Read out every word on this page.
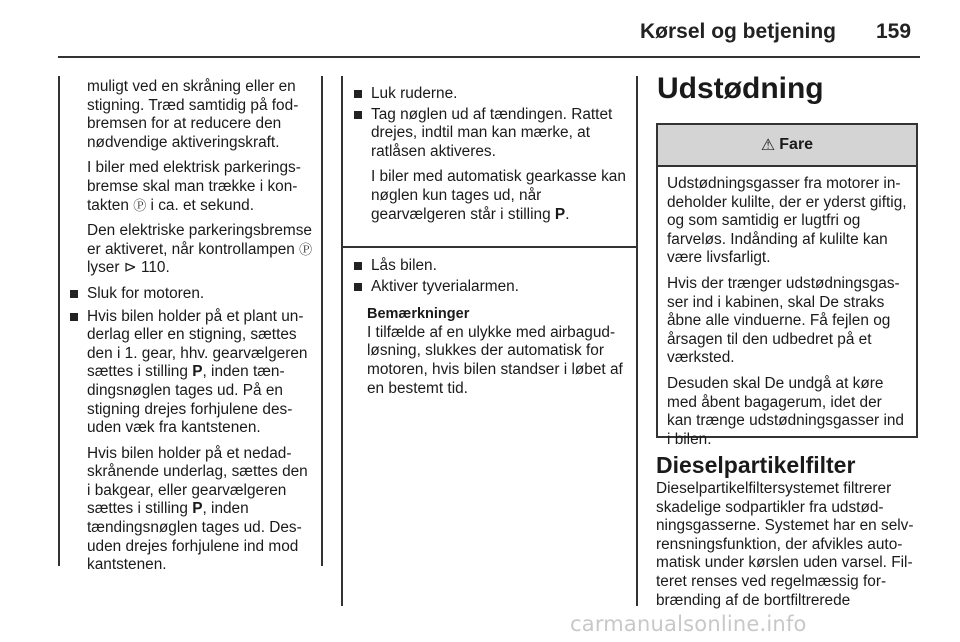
Kørsel og betjening 159

muligt ved en skråning eller en stigning. Træd samtidig på fodbremsen for at reducere den nødvendige aktiveringskraft.

I biler med elektrisk parkeringsbremse skal man trække i kontakten Ⓟ i ca. et sekund.

Den elektriske parkeringsbremse er aktiveret, når kontrollampen Ⓟ lyser ⊳ 110.

Sluk for motoren.
Hvis bilen holder på et plant underlag eller en stigning, sættes den i 1. gear, hhv. gearvælgeren sættes i stilling P, inden tændingsnøglen tages ud. På en stigning drejes forhjulene desuden væk fra kantstenen.

Hvis bilen holder på et nedadskrånende underlag, sættes den i bakgear, eller gearvælgeren sættes i stilling P, inden tændingsnøglen tages ud. Desuden drejes forhjulene ind mod kantstenen.

Luk ruderne.
Tag nøglen ud af tændingen. Rattet drejes, indtil man kan mærke, at ratlåsen aktiveres.

I biler med automatisk gearkasse kan nøglen kun tages ud, når gearvælgeren står i stilling P.

Lås bilen.
Aktiver tyverialarmen.

Bemærkninger

I tilfælde af en ulykke med airbagudløsning, slukkes der automatisk for motoren, hvis bilen standser i løbet af en bestemt tid.

Udstødning
⚠ Fare

Udstødningsgasser fra motorer indeholder kulilte, der er yderst giftig, og som samtidig er lugtfri og farveløs. Indånding af kulilte kan være livsfarligt.

Hvis der trænger udstødningsgasser ind i kabinen, skal De straks åbne alle vinduerne. Få fejlen og årsagen til den udbedret på et værksted.

Desuden skal De undgå at køre med åbent bagagerum, idet der kan trænge udstødningsgasser ind i bilen.

Dieselpartikelfilter

Dieselpartikelfiltersystemet filtrerer skadelige sodpartikler fra udstødningsgasserne. Systemet har en selvrensningsfunktion, der afvikles automatisk under kørslen uden varsel. Filteret renses ved regelmæssig forbrænding af de bortfiltrerede

carmanualsonline.info
